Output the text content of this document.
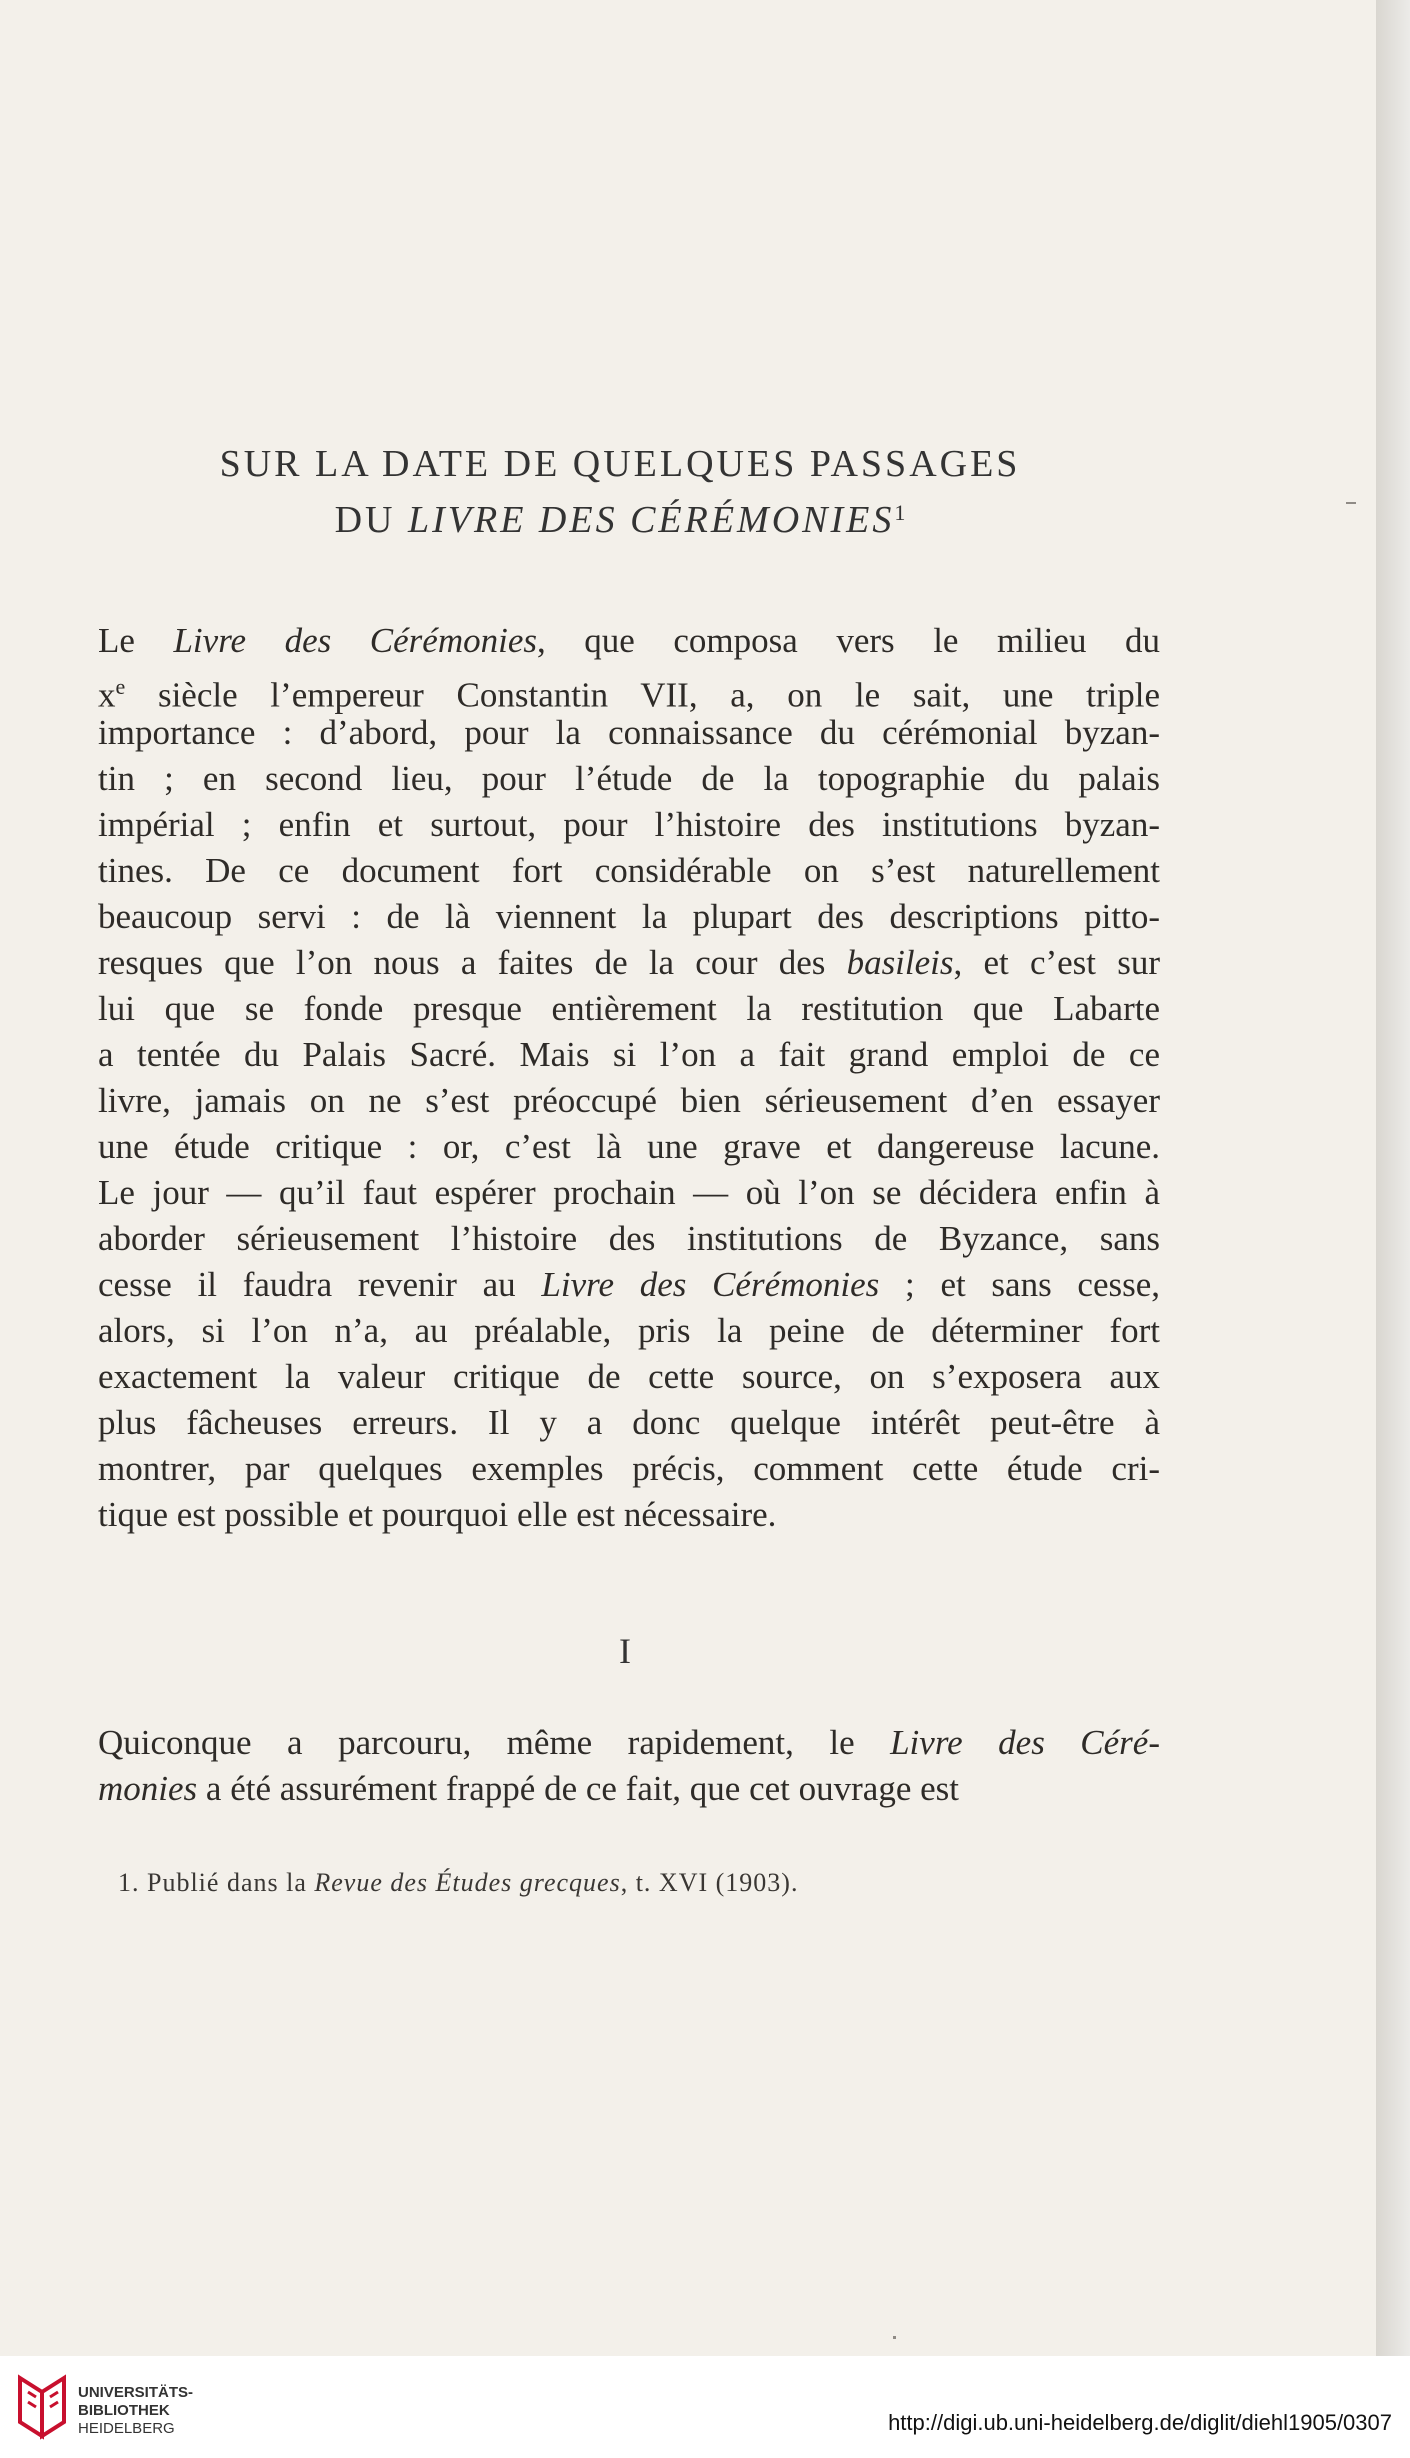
SUR LA DATE DE QUELQUES PASSAGES
DU LIVRE DES CÉRÉMONIES$^1$
Le Livre des Cérémonies, que composa vers le milieu du
$x^e$ siècle l’empereur Constantin VII, a, on le sait, une triple
importance : d’abord, pour la connaissance du cérémonial byzan-
tin ; en second lieu, pour l’étude de la topographie du palais
impérial ; enfin et surtout, pour l’histoire des institutions byzan-
tines. De ce document fort considérable on s’est naturellement
beaucoup servi : de là viennent la plupart des descriptions pitto-
resques que l’on nous a faites de la cour des basileis, et c’est sur
lui que se fonde presque entièrement la restitution que Labarte
a tentée du Palais Sacré. Mais si l’on a fait grand emploi de ce
livre, jamais on ne s’est préoccupé bien sérieusement d’en essayer
une étude critique : or, c’est là une grave et dangereuse lacune.
Le jour — qu’il faut espérer prochain — où l’on se décidera enfin à
aborder sérieusement l’histoire des institutions de Byzance, sans
cesse il faudra revenir au Livre des Cérémonies ; et sans cesse,
alors, si l’on n’a, au préalable, pris la peine de déterminer fort
exactement la valeur critique de cette source, on s’exposera aux
plus fâcheuses erreurs. Il y a donc quelque intérêt peut-être à
montrer, par quelques exemples précis, comment cette étude cri-
tique est possible et pourquoi elle est nécessaire.
I
Quiconque a parcouru, même rapidement, le Livre des Céré-
monies a été assurément frappé de ce fait, que cet ouvrage est
1. Publié dans la Revue des Études grecques, t. XVI (1903).
UNIVERSITÄTS-
BIBLIOTHEK
HEIDELBERG	http://digi.ub.uni-heidelberg.de/diglit/diehl1905/0307
